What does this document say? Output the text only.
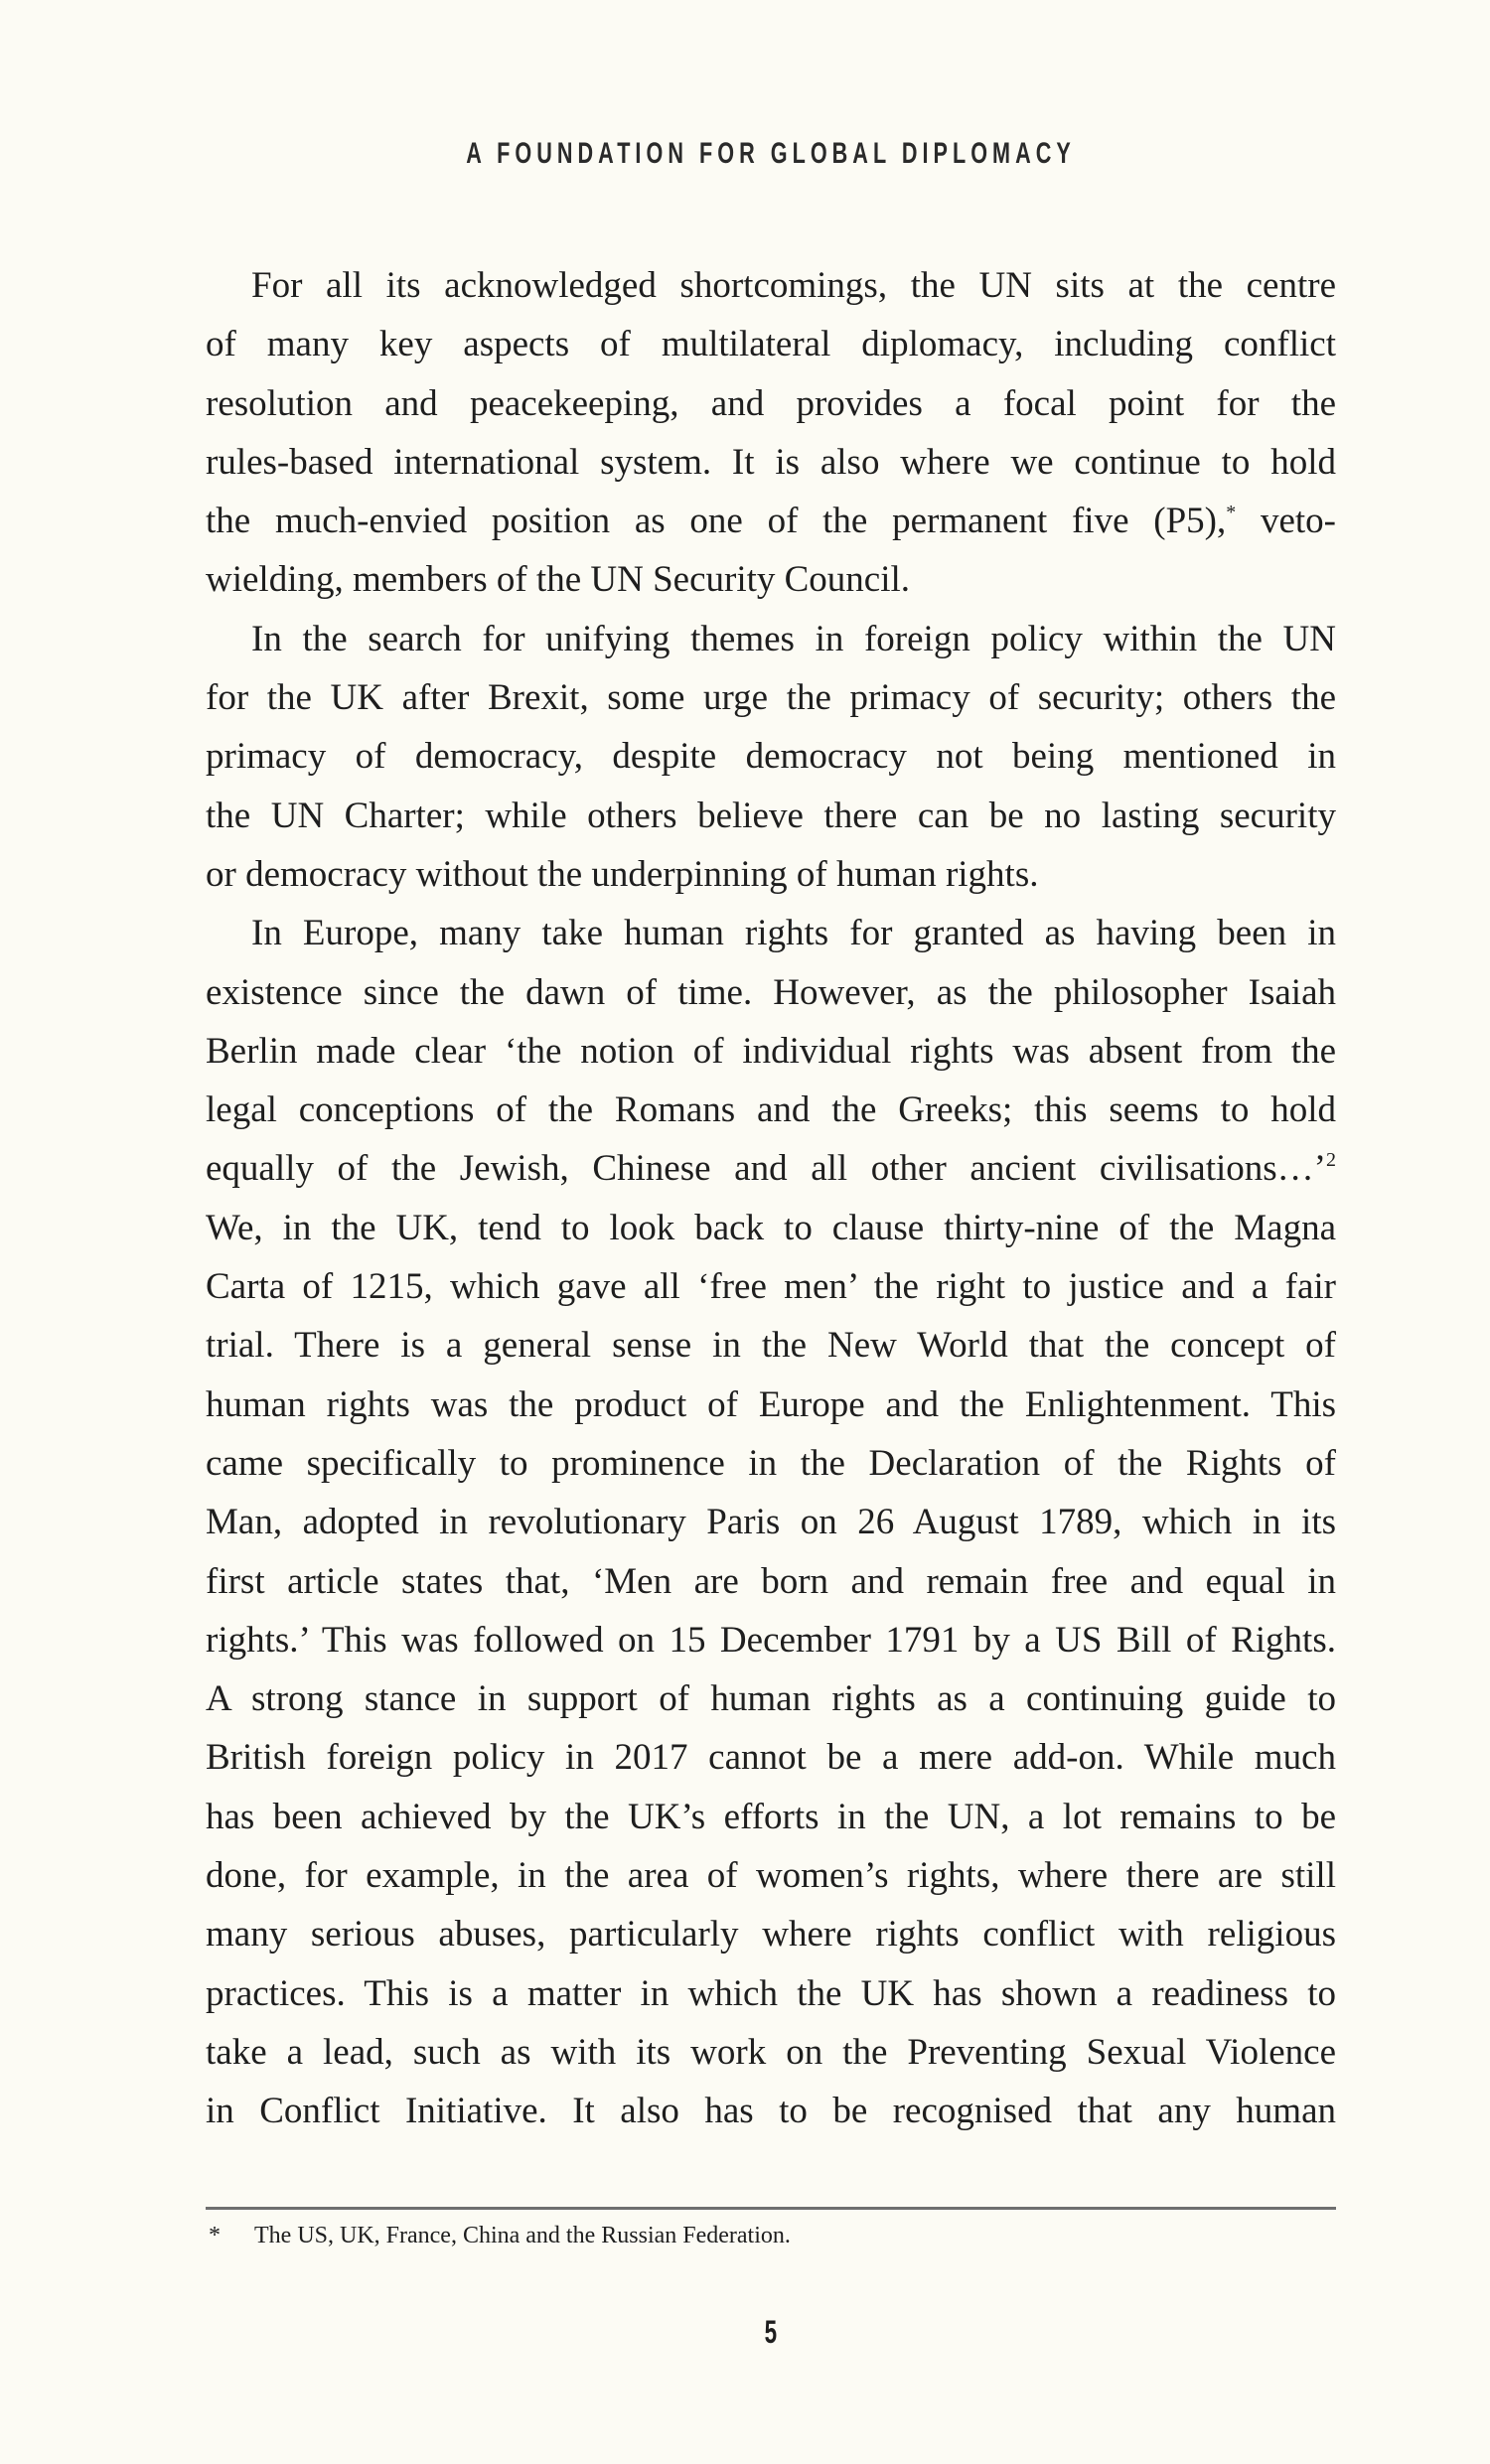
A FOUNDATION FOR GLOBAL DIPLOMACY
For all its acknowledged shortcomings, the UN sits at the centre
of many key aspects of multilateral diplomacy, including conflict
resolution and peacekeeping, and provides a focal point for the
rules-based international system. It is also where we continue to hold
the much-envied position as one of the permanent five (P5),* veto-
wielding, members of the UN Security Council.
In the search for unifying themes in foreign policy within the UN
for the UK after Brexit, some urge the primacy of security; others the
primacy of democracy, despite democracy not being mentioned in
the UN Charter; while others believe there can be no lasting security
or democracy without the underpinning of human rights.
In Europe, many take human rights for granted as having been in
existence since the dawn of time. However, as the philosopher Isaiah
Berlin made clear ‘the notion of individual rights was absent from the
legal conceptions of the Romans and the Greeks; this seems to hold
equally of the Jewish, Chinese and all other ancient civilisations…’$^2$
We, in the UK, tend to look back to clause thirty-nine of the Magna
Carta of 1215, which gave all ‘free men’ the right to justice and a fair
trial. There is a general sense in the New World that the concept of
human rights was the product of Europe and the Enlightenment. This
came specifically to prominence in the Declaration of the Rights of
Man, adopted in revolutionary Paris on 26 August 1789, which in its
first article states that, ‘Men are born and remain free and equal in
rights.’ This was followed on 15 December 1791 by a US Bill of Rights.
A strong stance in support of human rights as a continuing guide to
British foreign policy in 2017 cannot be a mere add-on. While much
has been achieved by the UK’s efforts in the UN, a lot remains to be
done, for example, in the area of women’s rights, where there are still
many serious abuses, particularly where rights conflict with religious
practices. This is a matter in which the UK has shown a readiness to
take a lead, such as with its work on the Preventing Sexual Violence
in Conflict Initiative. It also has to be recognised that any human
* The US, UK, France, China and the Russian Federation.
5
